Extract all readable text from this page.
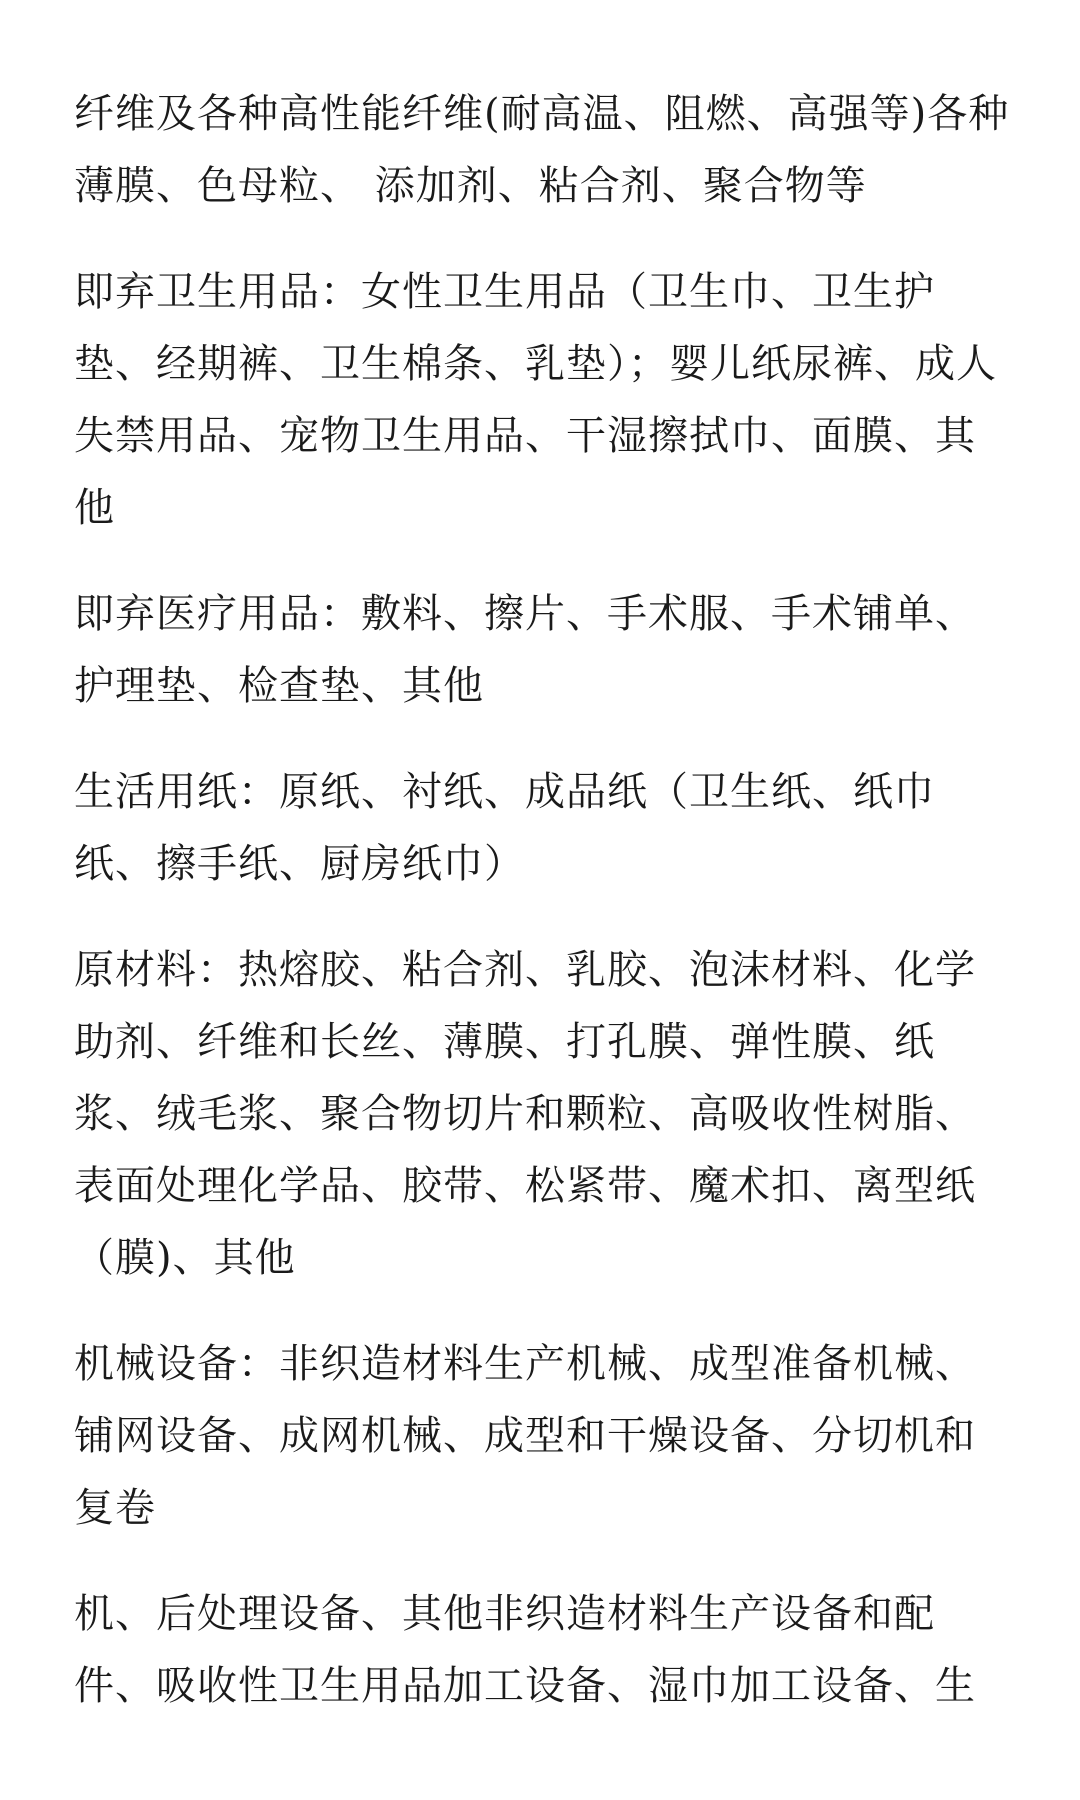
纤维及各种高性能纤维(耐高温、阻燃、高强等)各种薄膜、色母粒、 添加剂、粘合剂、聚合物等

即弃卫生用品：女性卫生用品（卫生巾、卫生护垫、经期裤、卫生棉条、乳垫）；婴儿纸尿裤、成人失禁用品、宠物卫生用品、干湿擦拭巾、面膜、其他

即弃医疗用品：敷料、擦片、手术服、手术铺单、护理垫、检查垫、其他

生活用纸：原纸、衬纸、成品纸（卫生纸、纸巾纸、擦手纸、厨房纸巾）

原材料：热熔胶、粘合剂、乳胶、泡沫材料、化学助剂、纤维和长丝、薄膜、打孔膜、弹性膜、纸浆、绒毛浆、聚合物切片和颗粒、高吸收性树脂、表面处理化学品、胶带、松紧带、魔术扣、离型纸（膜)、其他

机械设备：非织造材料生产机械、成型准备机械、铺网设备、成网机械、成型和干燥设备、分切机和复卷

机、后处理设备、其他非织造材料生产设备和配件、吸收性卫生用品加工设备、湿巾加工设备、生
